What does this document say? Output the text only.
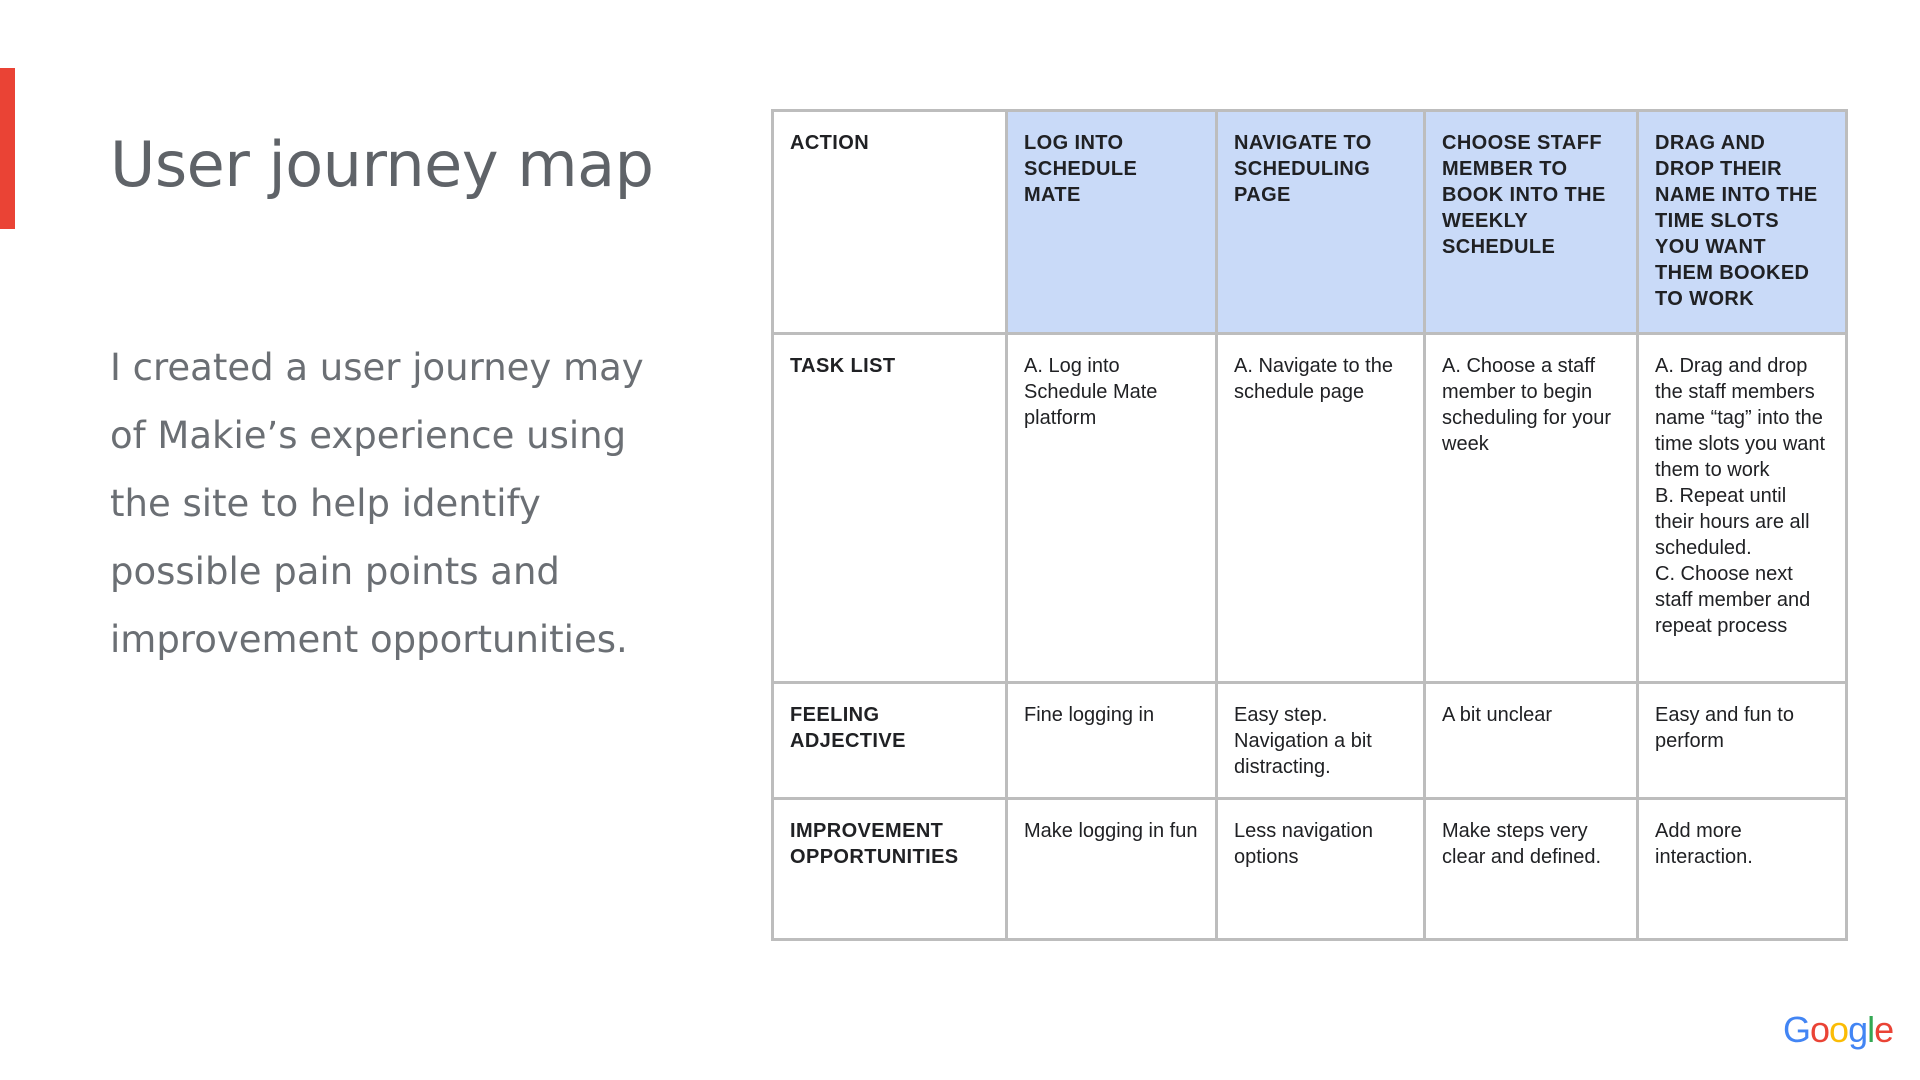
User journey map

I created a user journey may of Makie’s experience using the site to help identify possible pain points and improvement opportunities.

ACTION	LOG INTO SCHEDULE MATE	NAVIGATE TO SCHEDULING PAGE	CHOOSE STAFF MEMBER TO BOOK INTO THE WEEKLY SCHEDULE	DRAG AND DROP THEIR NAME INTO THE TIME SLOTS YOU WANT THEM BOOKED TO WORK
TASK LIST	A. Log into Schedule Mate platform	A. Navigate to the schedule page	A. Choose a staff member to begin scheduling for your week	A. Drag and drop the staff members name “tag” into the time slots you want them to work
B. Repeat until their hours are all scheduled.
C. Choose next staff member and repeat process
FEELING ADJECTIVE	Fine logging in	Easy step. Navigation a bit distracting.	A bit unclear	Easy and fun to perform
IMPROVEMENT OPPORTUNITIES	Make logging in fun	Less navigation options	Make steps very clear and defined.	Add more interaction.
Google
